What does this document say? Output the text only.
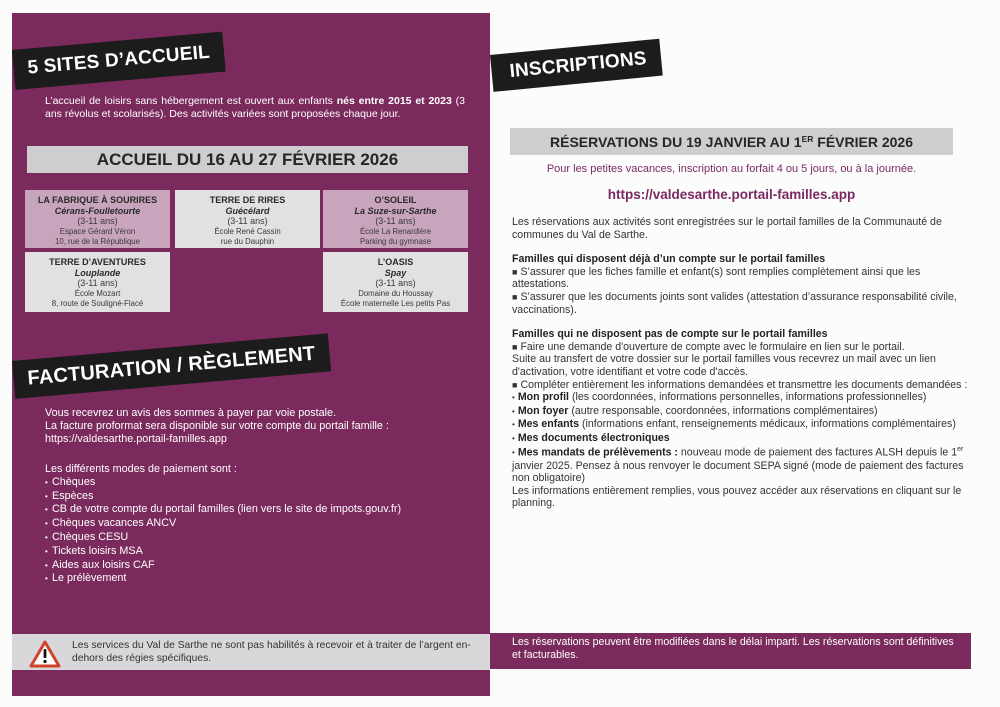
5 SITES D’ACCUEIL
L’accueil de loisirs sans hébergement est ouvert aux enfants nés entre 2015 et 2023 (3 ans révolus et scolarisés). Des activités variées sont proposées chaque jour.
ACCUEIL DU 16 AU 27 FÉVRIER 2026
LA FABRIQUE À SOURIRES
Cérans-Foulletourte
(3-11 ans)
Espace Gérard Véron
10, rue de la République
TERRE DE RIRES
Guécélard
(3-11 ans)
École René Cassin
rue du Dauphin
O’SOLEIL
La Suze-sur-Sarthe
(3-11 ans)
École La Renardière
Parking du gymnase
TERRE D’AVENTURES
Louplande
(3-11 ans)
École Mozart
8, route de Souligné-Flacé
L’OASIS
Spay
(3-11 ans)
Domaine du Houssay
École maternelle Les petits Pas
FACTURATION / RÈGLEMENT
Vous recevrez un avis des sommes à payer par voie postale.
La facture proformat sera disponible sur votre compte du portail famille :
https://valdesarthe.portail-familles.app
Les différents modes de paiement sont :
• Chèques
• Espèces
• CB de votre compte du portail familles (lien vers le site de impots.gouv.fr)
• Chèques vacances ANCV
• Chèques CESU
• Tickets loisirs MSA
• Aides aux loisirs CAF
• Le prélèvement
Les services du Val de Sarthe ne sont pas habilités à recevoir et à traiter de l’argent en-dehors des régies spécifiques.
INSCRIPTIONS
RÉSERVATIONS DU 19 JANVIER AU 1ER FÉVRIER 2026
Pour les petites vacances, inscription au forfait 4 ou 5 jours, ou à la journée.
https://valdesarthe.portail-familles.app

Les réservations aux activités sont enregistrées sur le portail familles de la Communauté de communes du Val de Sarthe.

Familles qui disposent déjà d’un compte sur le portail familles

■ S’assurer que les fiches famille et enfant(s) sont remplies complètement ainsi que les attestations.

■ S’assurer que les documents joints sont valides (attestation d’assurance responsabilité civile, vaccinations).

Familles qui ne disposent pas de compte sur le portail familles

■ Faire une demande d'ouverture de compte avec le formulaire en lien sur le portail.

Suite au transfert de votre dossier sur le portail familles vous recevrez un mail avec un lien d'activation, votre identifiant et votre code d'accès.

■ Compléter entièrement les informations demandées et transmettre les documents demandées :

• Mon profil (les coordonnées, informations personnelles, informations professionnelles)

• Mon foyer (autre responsable, coordonnées, informations complémentaires)

• Mes enfants (informations enfant, renseignements médicaux, informations complémentaires)

• Mes documents électroniques

• Mes mandats de prélèvements : nouveau mode de paiement des factures ALSH depuis le 1er janvier 2025. Pensez à nous renvoyer le document SEPA signé (mode de paiement des factures non obligatoire)

Les informations entièrement remplies, vous pouvez accéder aux réservations en cliquant sur le planning.

Les réservations peuvent être modifiées dans le délai imparti. Les réservations sont définitives et facturables.
